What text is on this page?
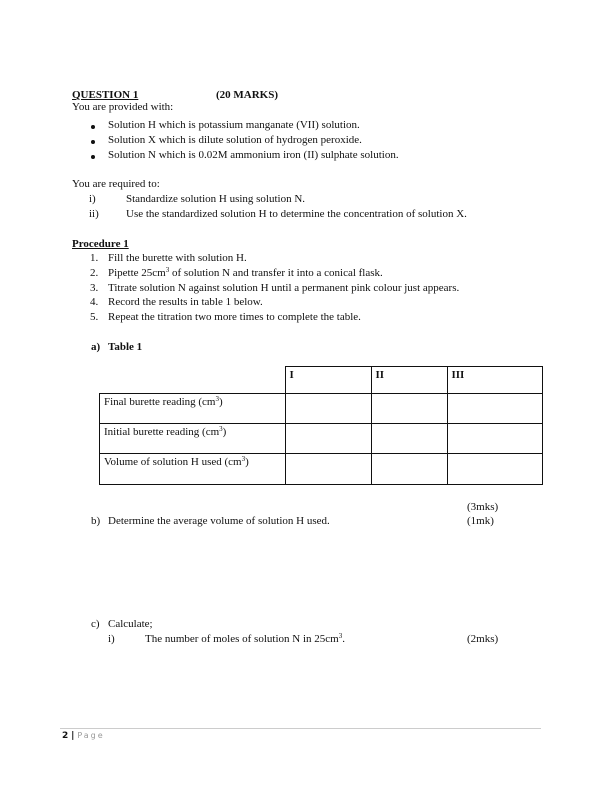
QUESTION 1	(20 MARKS)
You are provided with:
Solution H which is potassium manganate (VII) solution.
Solution X which is dilute solution of hydrogen peroxide.
Solution N which is 0.02M ammonium iron (II) sulphate solution.
You are required to:
i)	Standardize solution H using solution N.
ii) Use the standardized solution H to determine the concentration of solution X.
Procedure 1
1. Fill the burette with solution H.
2. Pipette $25cm^3$ of solution N and transfer it into a conical flask.
3. Titrate solution N against solution H until a permanent pink colour just appears.
4. Record the results in table 1 below.
5. Repeat the titration two more times to complete the table.
a) Table 1
	I	II	III
Final burette reading $(cm^3)$			
Initial burette reading $(cm^3)$			
Volume of solution H used $(cm^3)$			
(3mks)
b) Determine the average volume of solution H used.	(1mk)
c) Calculate;
i)	The number of moles of solution N in $25cm^3$.	(2mks)
2 | Page
